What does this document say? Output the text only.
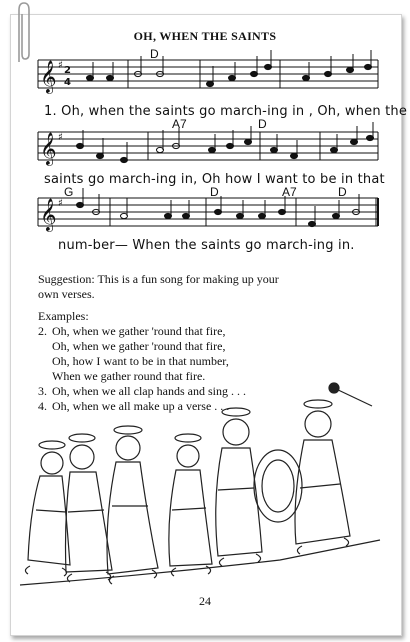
OH, WHEN THE SAINTS
𝄞
𝄞
𝄞
♯
♯
♯
2
4
D
A7	D
G	D	A7	D
1. Oh, when the saints go march-ing in , Oh, when the
saints go march-ing in, Oh how I want to be in that
num-ber— When the saints go march-ing in.
Suggestion: This is a fun song for making up your
own verses.
Examples:
2. Oh, when we gather 'round that fire,
Oh, when we gather 'round that fire,
Oh, how I want to be in that number,
When we gather round that fire.
3. Oh, when we all clap hands and sing . . .
4. Oh, when we all make up a verse . . .
24
